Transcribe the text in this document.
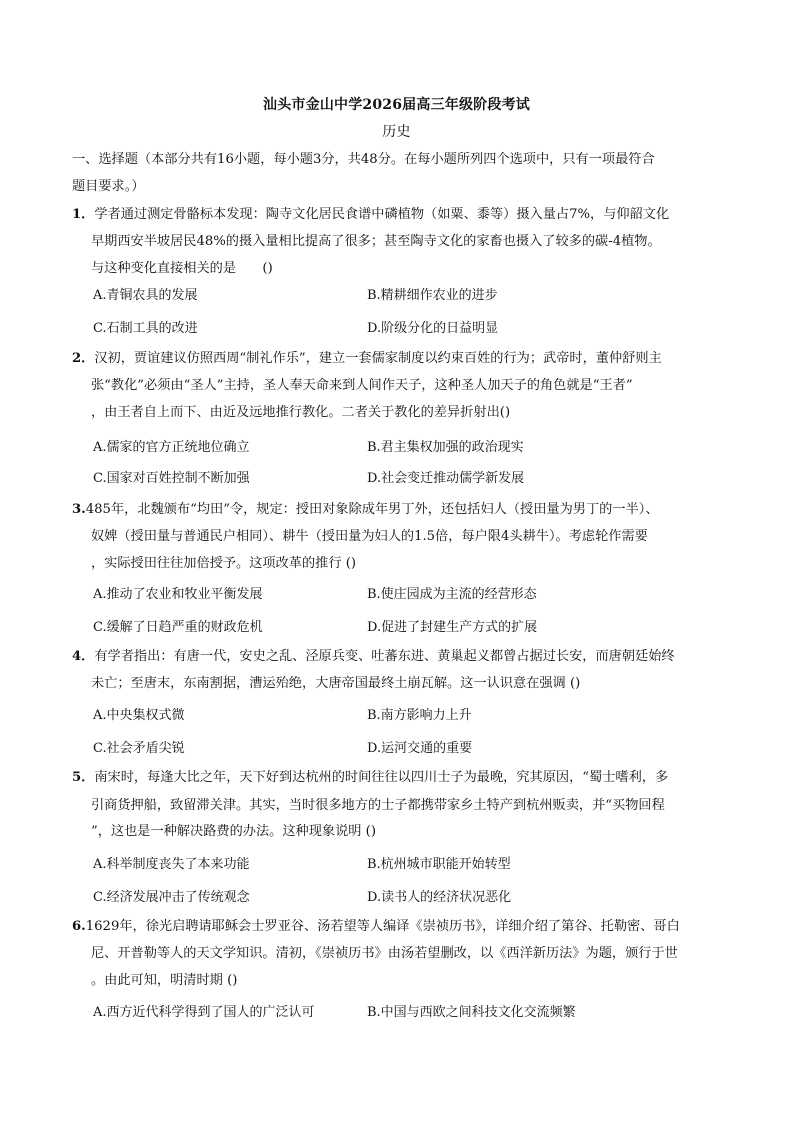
汕头市金山中学2026届高三年级阶段考试
历史
一、选择题（本部分共有16小题，每小题3分，共48分。在每小题所列四个选项中，只有一项最符合
题目要求。）
1．学者通过测定骨骼标本发现：陶寺文化居民食谱中磷植物（如粟、黍等）摄入量占7%，与仰韶文化
早期西安半坡居民48%的摄入量相比提高了很多；甚至陶寺文化的家畜也摄入了较多的碳-4植物。
与这种变化直接相关的是　　()
A.青铜农具的发展	B.精耕细作农业的进步
C.石制工具的改进	D.阶级分化的日益明显
2．汉初，贾谊建议仿照西周“制礼作乐”，建立一套儒家制度以约束百姓的行为；武帝时，董仲舒则主
张“教化”必须由“圣人”主持，圣人奉天命来到人间作天子，这种圣人加天子的角色就是“王者”
，由王者自上而下、由近及远地推行教化。二者关于教化的差异折射出()
A.儒家的官方正统地位确立	B.君主集权加强的政治现实
C.国家对百姓控制不断加强	D.社会变迁推动儒学新发展
3.485年，北魏颁布“均田”令，规定：授田对象除成年男丁外，还包括妇人（授田量为男丁的一半）、
奴婢（授田量与普通民户相同）、耕牛（授田量为妇人的1.5倍，每户限4头耕牛）。考虑轮作需要
，实际授田往往加倍授予。这项改革的推行 ()
A.推动了农业和牧业平衡发展	B.使庄园成为主流的经营形态
C.缓解了日趋严重的财政危机	D.促进了封建生产方式的扩展
4．有学者指出：有唐一代，安史之乱、泾原兵变、吐蕃东进、黄巢起义都曾占据过长安，而唐朝廷始终
未亡；至唐末，东南割据，漕运殆绝，大唐帝国最终土崩瓦解。这一认识意在强调 ()
A.中央集权式微	B.南方影响力上升
C.社会矛盾尖锐	D.运河交通的重要
5．南宋时，每逢大比之年，天下好到达杭州的时间往往以四川士子为最晚，究其原因，“蜀士嗜利，多
引商货押船，致留滞关津。其实，当时很多地方的士子都携带家乡土特产到杭州贩卖，并“买物回程
”，这也是一种解决路费的办法。这种现象说明 ()
A.科举制度丧失了本来功能	B.杭州城市职能开始转型
C.经济发展冲击了传统观念	D.读书人的经济状况恶化
6.1629年，徐光启聘请耶稣会士罗亚谷、汤若望等人编译《崇祯历书》，详细介绍了第谷、托勒密、哥白
尼、开普勒等人的天文学知识。清初，《崇祯历书》由汤若望删改，以《西洋新历法》为题，颁行于世
。由此可知，明清时期 ()
A.西方近代科学得到了国人的广泛认可	B.中国与西欧之间科技文化交流频繁
